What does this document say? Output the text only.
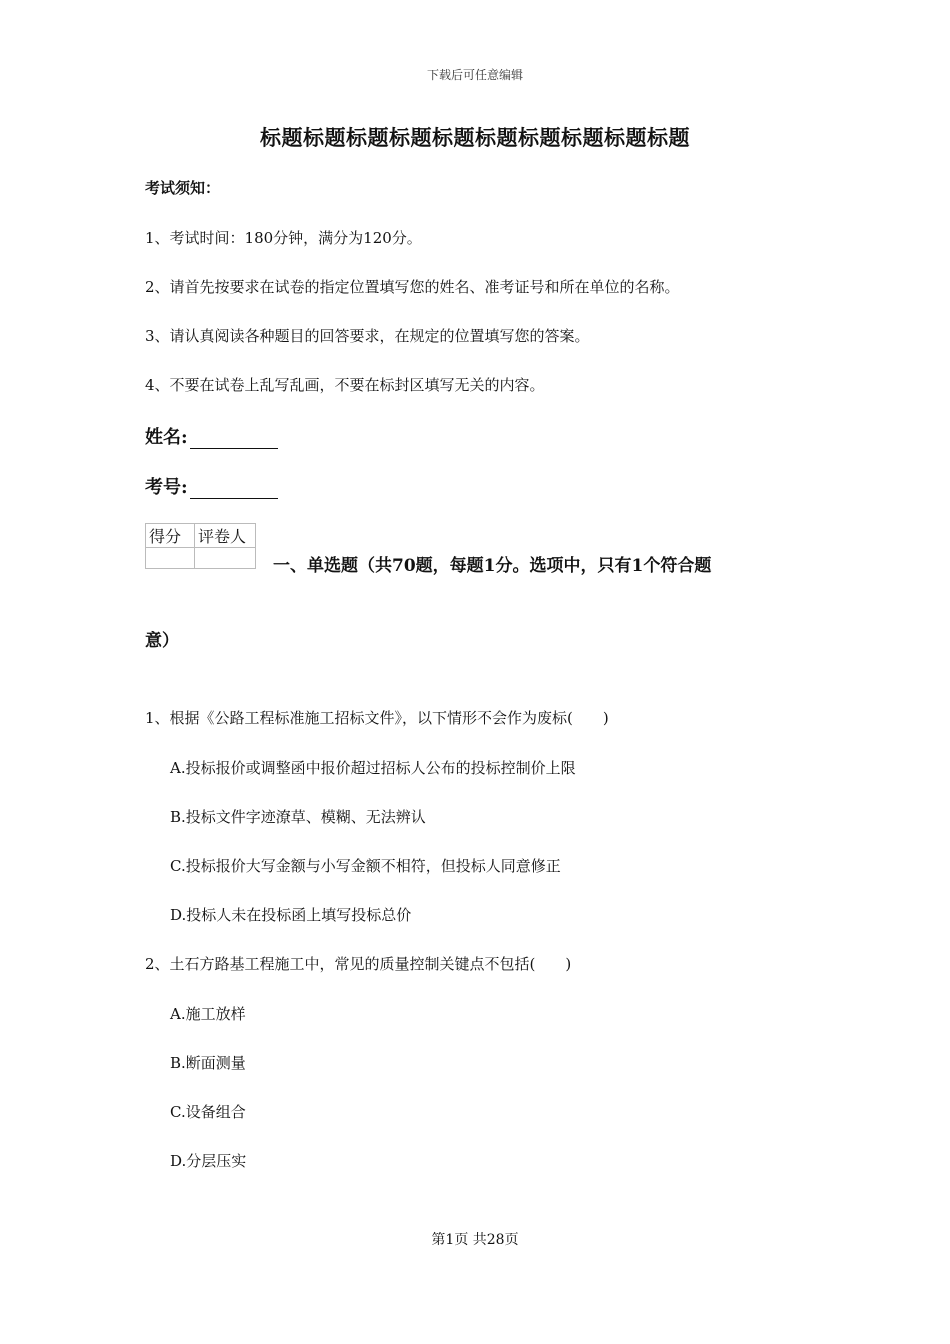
下载后可任意编辑
标题标题标题标题标题标题标题标题标题标题
考试须知：
1、考试时间：180分钟，满分为120分。
2、请首先按要求在试卷的指定位置填写您的姓名、准考证号和所在单位的名称。
3、请认真阅读各种题目的回答要求，在规定的位置填写您的答案。
4、不要在试卷上乱写乱画，不要在标封区填写无关的内容。
姓名:
考号:
得分	评卷人

一、单选题（共70题，每题1分。选项中，只有1个符合题
意）
1、根据《公路工程标准施工招标文件》，以下情形不会作为废标(　　)
A.投标报价或调整函中报价超过招标人公布的投标控制价上限
B.投标文件字迹潦草、模糊、无法辨认
C.投标报价大写金额与小写金额不相符，但投标人同意修正
D.投标人未在投标函上填写投标总价
2、土石方路基工程施工中，常见的质量控制关键点不包括(　　)
A.施工放样
B.断面测量
C.设备组合
D.分层压实
第1页 共28页
